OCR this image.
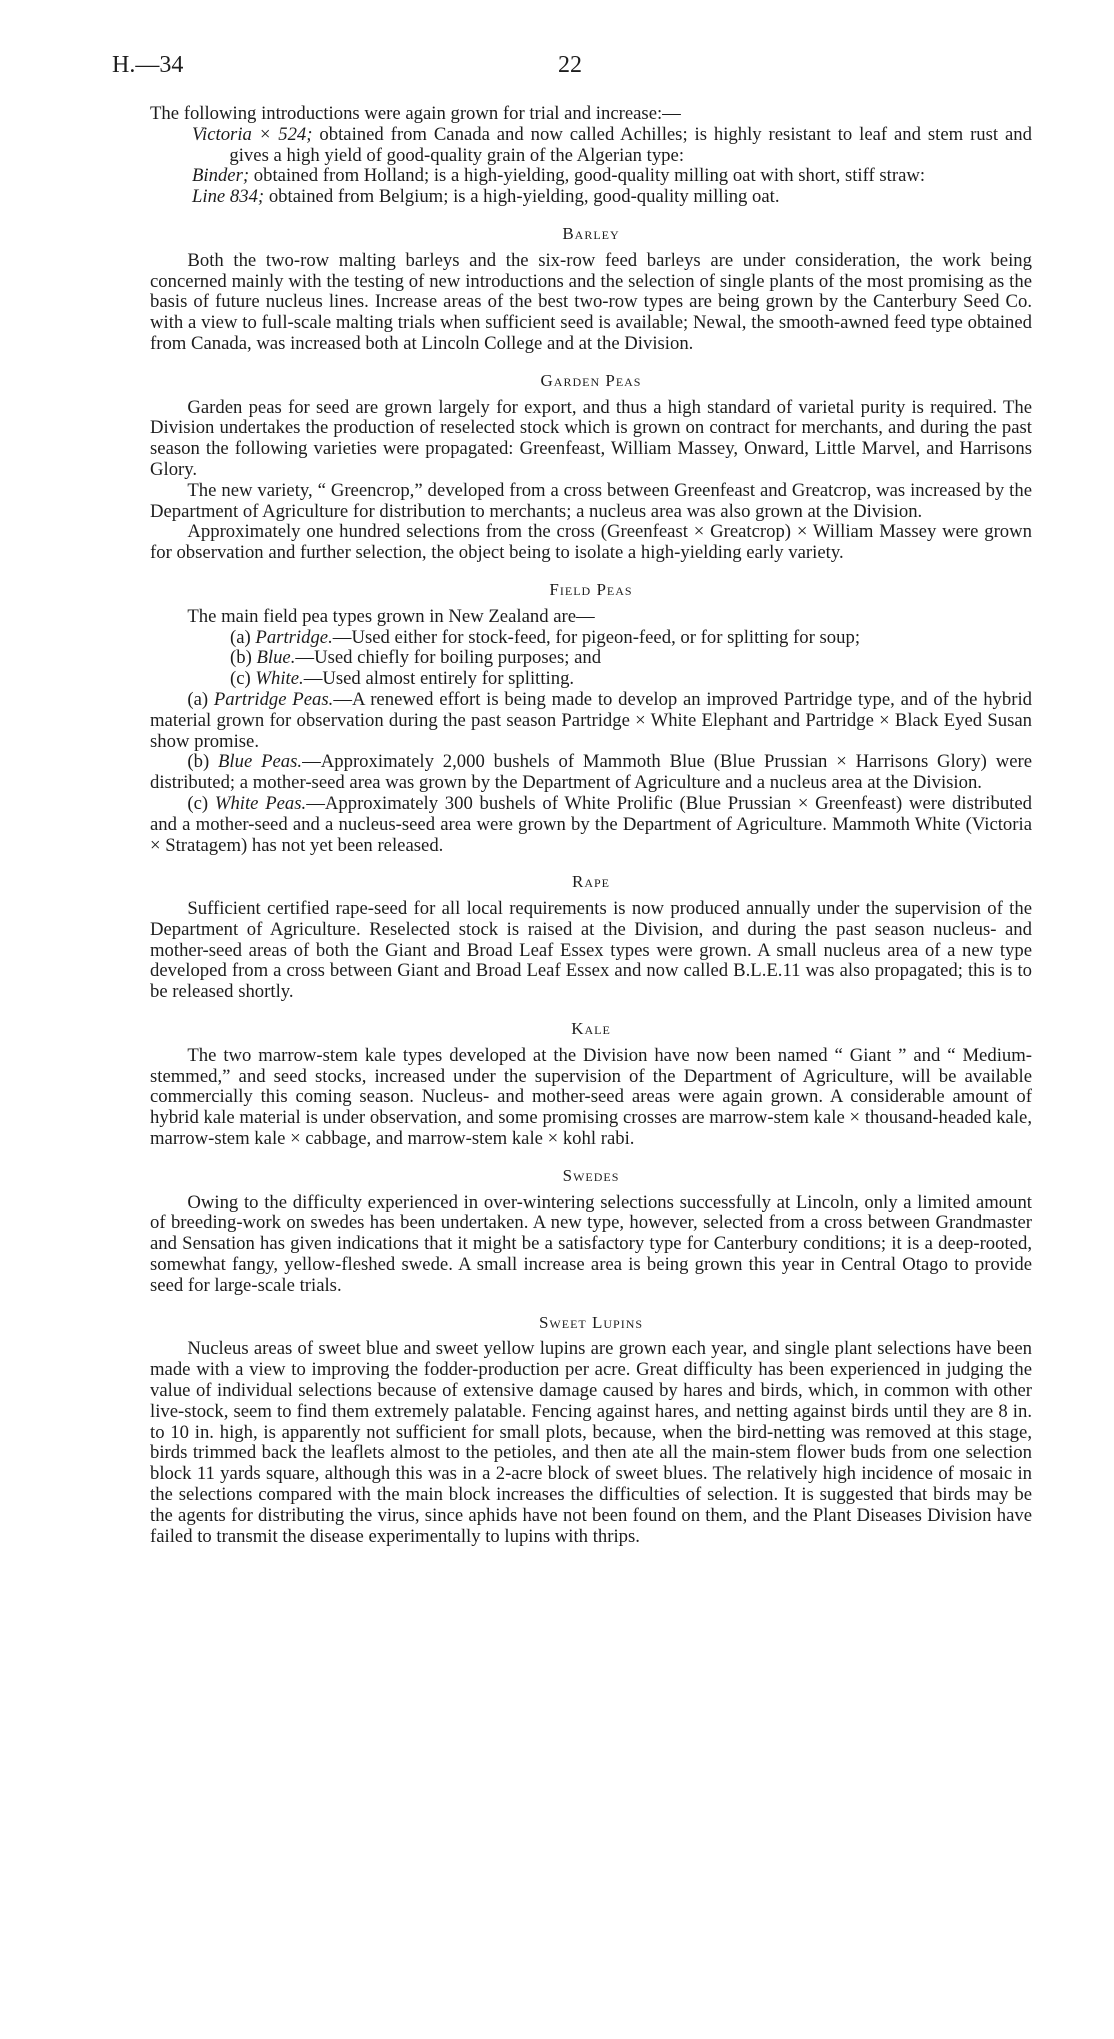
H.—34	22

The following introductions were again grown for trial and increase:—

Victoria × 524; obtained from Canada and now called Achilles; is highly resistant to leaf and stem rust and gives a high yield of good-quality grain of the Algerian type:

Binder; obtained from Holland; is a high-yielding, good-quality milling oat with short, stiff straw:

Line 834; obtained from Belgium; is a high-yielding, good-quality milling oat.

Barley

Both the two-row malting barleys and the six-row feed barleys are under consideration, the work being concerned mainly with the testing of new introductions and the selection of single plants of the most promising as the basis of future nucleus lines. Increase areas of the best two-row types are being grown by the Canterbury Seed Co. with a view to full-scale malting trials when sufficient seed is available; Newal, the smooth-awned feed type obtained from Canada, was increased both at Lincoln College and at the Division.

Garden Peas

Garden peas for seed are grown largely for export, and thus a high standard of varietal purity is required. The Division undertakes the production of reselected stock which is grown on contract for merchants, and during the past season the following varieties were propagated: Greenfeast, William Massey, Onward, Little Marvel, and Harrisons Glory.

The new variety, “ Greencrop,” developed from a cross between Greenfeast and Greatcrop, was increased by the Department of Agriculture for distribution to merchants; a nucleus area was also grown at the Division.

Approximately one hundred selections from the cross (Greenfeast × Greatcrop) × William Massey were grown for observation and further selection, the object being to isolate a high-yielding early variety.

Field Peas

The main field pea types grown in New Zealand are—

(a) Partridge.—Used either for stock-feed, for pigeon-feed, or for splitting for soup;

(b) Blue.—Used chiefly for boiling purposes; and

(c) White.—Used almost entirely for splitting.

(a) Partridge Peas.—A renewed effort is being made to develop an improved Partridge type, and of the hybrid material grown for observation during the past season Partridge × White Elephant and Partridge × Black Eyed Susan show promise.

(b) Blue Peas.—Approximately 2,000 bushels of Mammoth Blue (Blue Prussian × Harrisons Glory) were distributed; a mother-seed area was grown by the Department of Agriculture and a nucleus area at the Division.

(c) White Peas.—Approximately 300 bushels of White Prolific (Blue Prussian × Greenfeast) were distributed and a mother-seed and a nucleus-seed area were grown by the Department of Agriculture. Mammoth White (Victoria × Stratagem) has not yet been released.

Rape

Sufficient certified rape-seed for all local requirements is now produced annually under the supervision of the Department of Agriculture. Reselected stock is raised at the Division, and during the past season nucleus- and mother-seed areas of both the Giant and Broad Leaf Essex types were grown. A small nucleus area of a new type developed from a cross between Giant and Broad Leaf Essex and now called B.L.E.11 was also propagated; this is to be released shortly.

Kale

The two marrow-stem kale types developed at the Division have now been named “ Giant ” and “ Medium-stemmed,” and seed stocks, increased under the supervision of the Department of Agriculture, will be available commercially this coming season. Nucleus- and mother-seed areas were again grown. A considerable amount of hybrid kale material is under observation, and some promising crosses are marrow-stem kale × thousand-headed kale, marrow-stem kale × cabbage, and marrow-stem kale × kohl rabi.

Swedes

Owing to the difficulty experienced in over-wintering selections successfully at Lincoln, only a limited amount of breeding-work on swedes has been undertaken. A new type, however, selected from a cross between Grandmaster and Sensation has given indications that it might be a satisfactory type for Canterbury conditions; it is a deep-rooted, somewhat fangy, yellow-fleshed swede. A small increase area is being grown this year in Central Otago to provide seed for large-scale trials.

Sweet Lupins

Nucleus areas of sweet blue and sweet yellow lupins are grown each year, and single plant selections have been made with a view to improving the fodder-production per acre. Great difficulty has been experienced in judging the value of individual selections because of extensive damage caused by hares and birds, which, in common with other live-stock, seem to find them extremely palatable. Fencing against hares, and netting against birds until they are 8 in. to 10 in. high, is apparently not sufficient for small plots, because, when the bird-netting was removed at this stage, birds trimmed back the leaflets almost to the petioles, and then ate all the main-stem flower buds from one selection block 11 yards square, although this was in a 2-acre block of sweet blues. The relatively high incidence of mosaic in the selections compared with the main block increases the difficulties of selection. It is suggested that birds may be the agents for distributing the virus, since aphids have not been found on them, and the Plant Diseases Division have failed to transmit the disease experimentally to lupins with thrips.
